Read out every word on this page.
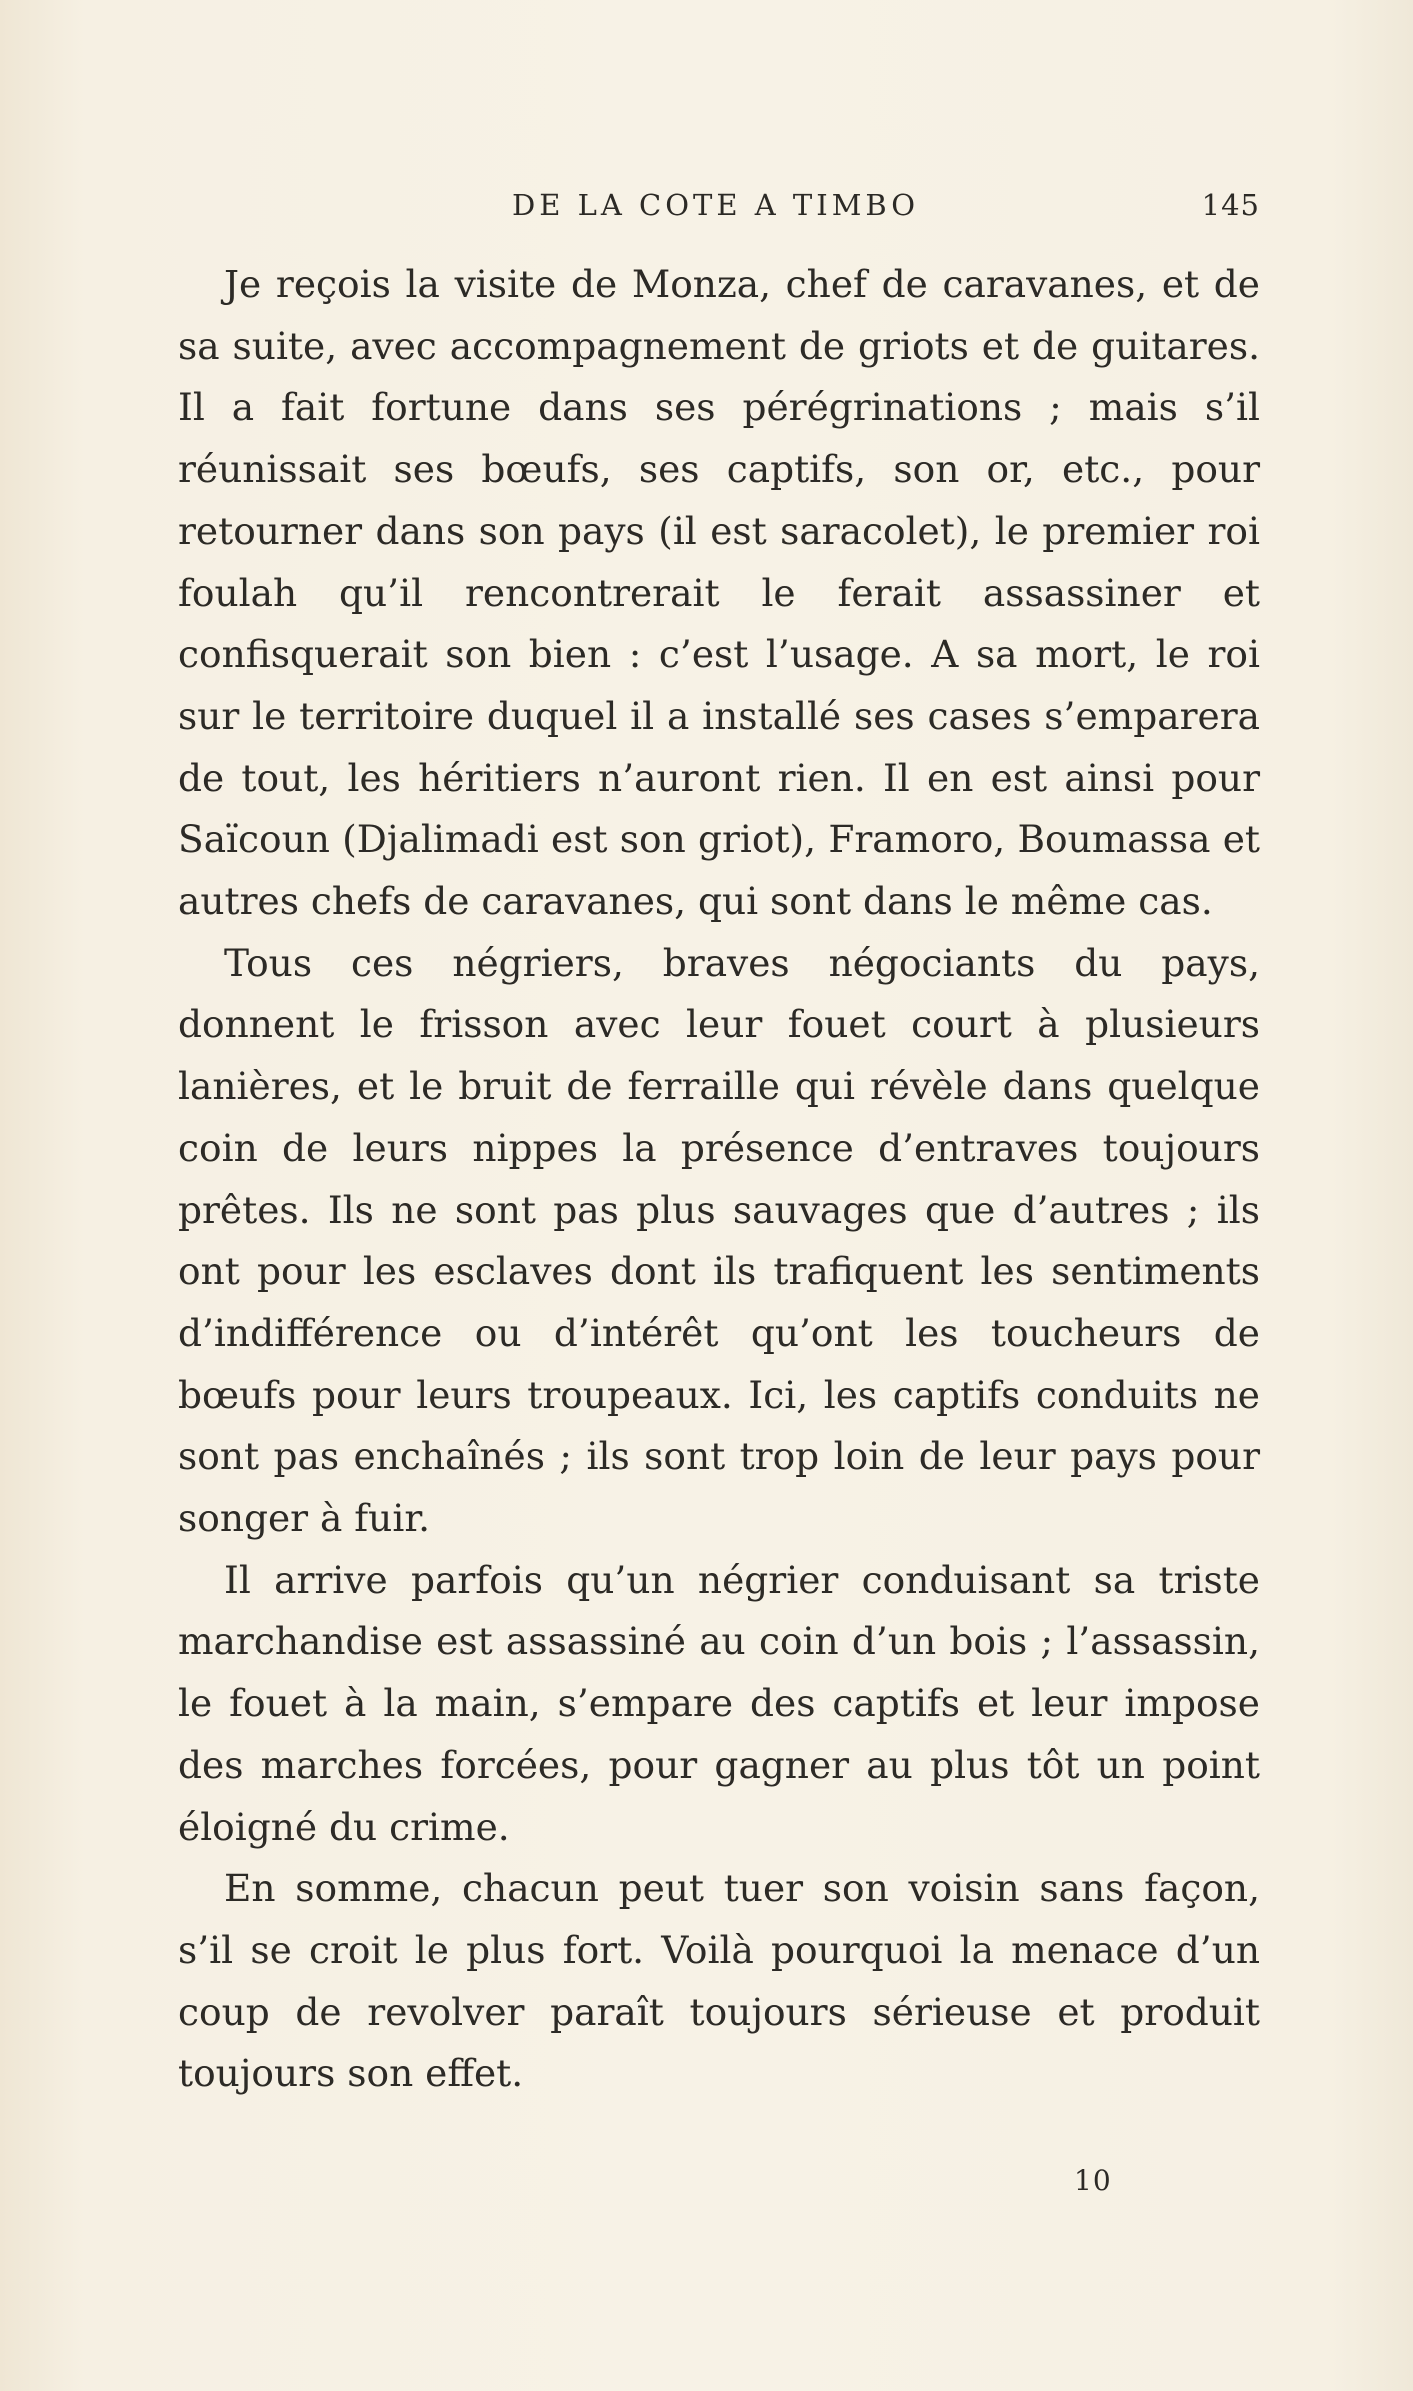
DE LA COTE A TIMBO	145

Je reçois la visite de Monza, chef de caravanes, et de sa suite, avec accompagnement de griots et de guitares. Il a fait fortune dans ses pérégrinations ; mais s’il réunissait ses bœufs, ses captifs, son or, etc., pour retourner dans son pays (il est saracolet), le premier roi foulah qu’il rencontrerait le ferait assassiner et confisquerait son bien : c’est l’usage. A sa mort, le roi sur le territoire duquel il a installé ses cases s’emparera de tout, les héritiers n’auront rien. Il en est ainsi pour Saïcoun (Djalimadi est son griot), Framoro, Boumassa et autres chefs de caravanes, qui sont dans le même cas.

Tous ces négriers, braves négociants du pays, donnent le frisson avec leur fouet court à plusieurs lanières, et le bruit de ferraille qui révèle dans quelque coin de leurs nippes la présence d’entraves toujours prêtes. Ils ne sont pas plus sauvages que d’autres ; ils ont pour les esclaves dont ils trafiquent les sentiments d’indifférence ou d’intérêt qu’ont les toucheurs de bœufs pour leurs troupeaux. Ici, les captifs conduits ne sont pas enchaînés ; ils sont trop loin de leur pays pour songer à fuir.

Il arrive parfois qu’un négrier conduisant sa triste marchandise est assassiné au coin d’un bois ; l’assassin, le fouet à la main, s’empare des captifs et leur impose des marches forcées, pour gagner au plus tôt un point éloigné du crime.

En somme, chacun peut tuer son voisin sans façon, s’il se croit le plus fort. Voilà pourquoi la menace d’un coup de revolver paraît toujours sérieuse et produit toujours son effet.

10
